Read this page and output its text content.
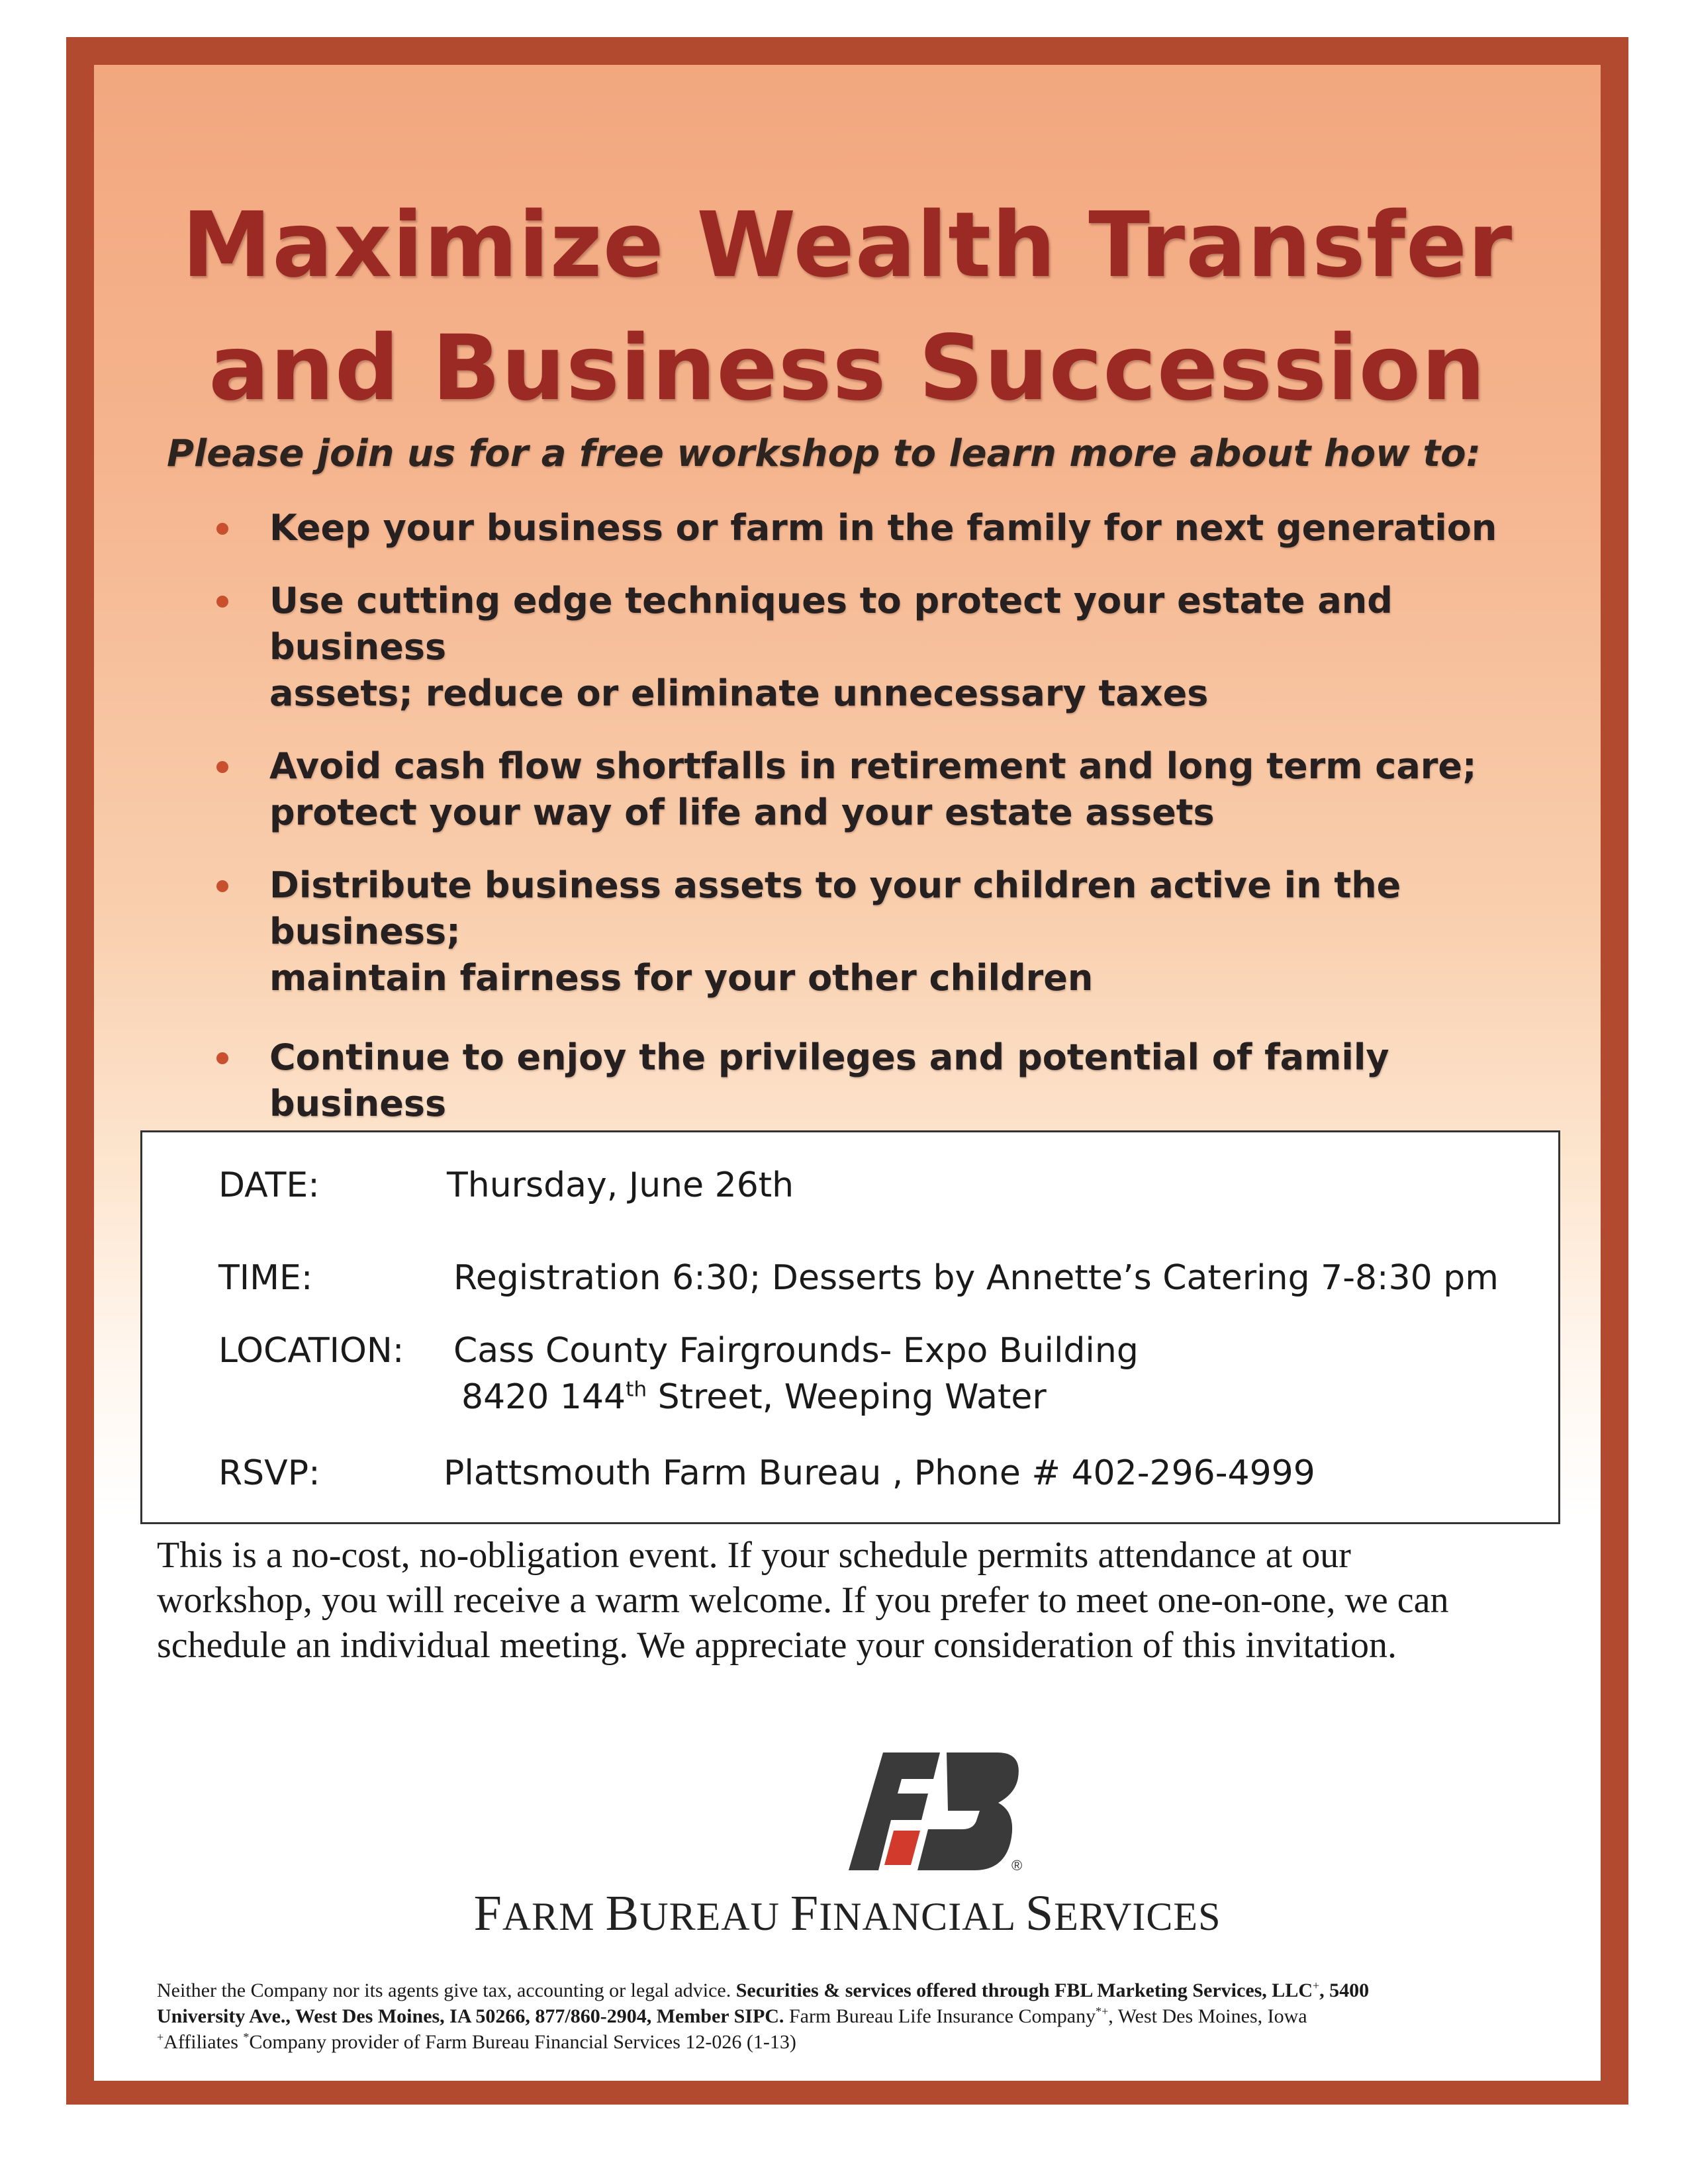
Maximize Wealth Transfer
and Business Succession
Please join us for a free workshop to learn more about how to:
Keep your business or farm in the family for next generation
Use cutting edge techniques to protect your estate and business
assets; reduce or eliminate unnecessary taxes
Avoid cash flow shortfalls in retirement and long term care;
protect your way of life and your estate assets
Distribute business assets to your children active in the business;
maintain fairness for your other children
Continue to enjoy the privileges and potential of family business
DATE:	Thursday, June 26th
TIME:	Registration 6:30; Desserts by Annette’s Catering 7-8:30 pm
LOCATION: Cass County Fairgrounds- Expo Building
8420 144th Street, Weeping Water
RSVP:	Plattsmouth Farm Bureau , Phone # 402-296-4999
This is a no-cost, no-obligation event. If your schedule permits attendance at our
workshop, you will receive a warm welcome. If you prefer to meet one-on-one, we can
schedule an individual meeting. We appreciate your consideration of this invitation.
®
FARM BUREAU FINANCIAL SERVICES
Neither the Company nor its agents give tax, accounting or legal advice. Securities & services offered through FBL Marketing Services, LLC+, 5400
University Ave., West Des Moines, IA 50266, 877/860-2904, Member SIPC. Farm Bureau Life Insurance Company*+, West Des Moines, Iowa
+Affiliates *Company provider of Farm Bureau Financial Services 12-026 (1-13)
